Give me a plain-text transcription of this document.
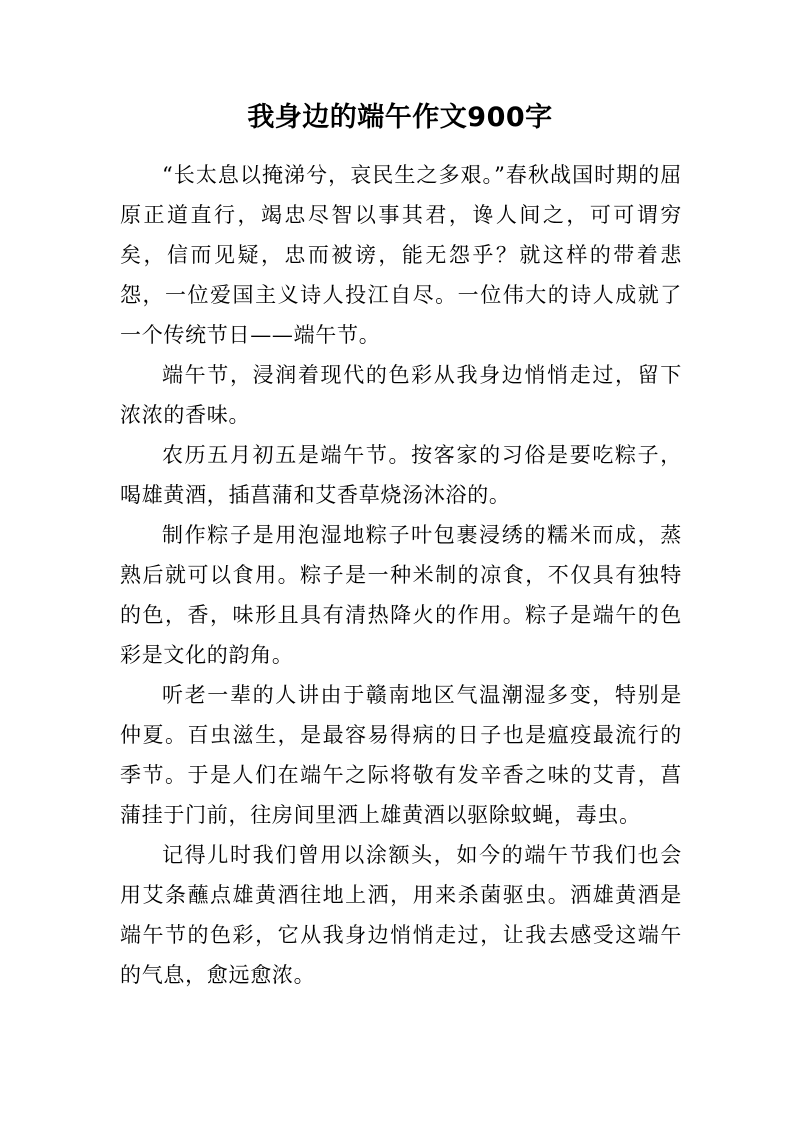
我身边的端午作文900字

“长太息以掩涕兮，哀民生之多艰。”春秋战国时期的屈原正道直行，竭忠尽智以事其君，谗人间之，可可谓穷矣，信而见疑，忠而被谤，能无怨乎？就这样的带着悲怨，一位爱国主义诗人投江自尽。一位伟大的诗人成就了一个传统节日——端午节。

端午节，浸润着现代的色彩从我身边悄悄走过，留下浓浓的香味。

农历五月初五是端午节。按客家的习俗是要吃粽子，喝雄黄酒，插菖蒲和艾香草烧汤沐浴的。

制作粽子是用泡湿地粽子叶包裹浸绣的糯米而成，蒸熟后就可以食用。粽子是一种米制的凉食，不仅具有独特的色，香，味形且具有清热降火的作用。粽子是端午的色彩是文化的韵角。

听老一辈的人讲由于赣南地区气温潮湿多变，特别是仲夏。百虫滋生，是最容易得病的日子也是瘟疫最流行的季节。于是人们在端午之际将敬有发辛香之味的艾青，菖蒲挂于门前，往房间里洒上雄黄酒以驱除蚊蝇，毒虫。

记得儿时我们曾用以涂额头，如今的端午节我们也会用艾条蘸点雄黄酒往地上洒，用来杀菌驱虫。洒雄黄酒是端午节的色彩，它从我身边悄悄走过，让我去感受这端午的气息，愈远愈浓。
